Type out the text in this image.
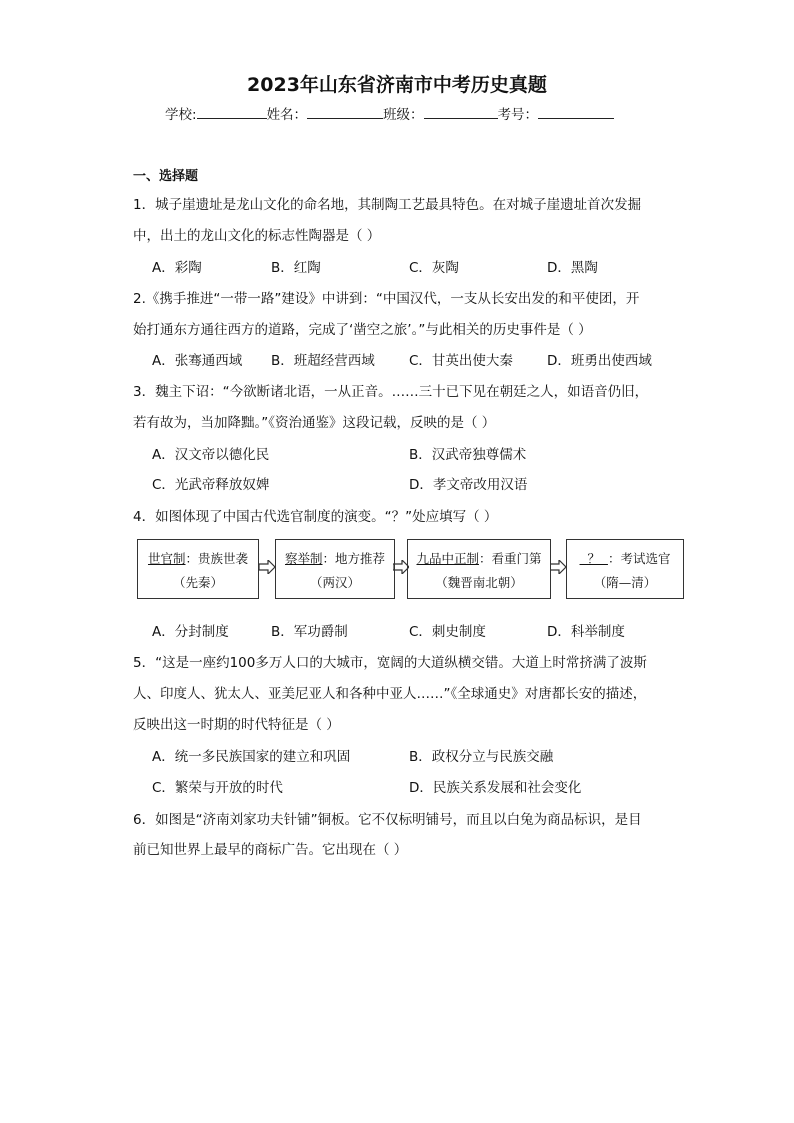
2023年山东省济南市中考历史真题
学校:	姓名：	班级：	考号：
一、选择题
1．城子崖遗址是龙山文化的命名地，其制陶工艺最具特色。在对城子崖遗址首次发掘
中，出土的龙山文化的标志性陶器是（ ）
A．彩陶	B．红陶	C．灰陶	D．黑陶
2.《携手推进“一带一路”建设》中讲到：“中国汉代，一支从长安出发的和平使团，开
始打通东方通往西方的道路，完成了‘凿空之旅’。”与此相关的历史事件是（ ）
A．张骞通西域 B．班超经营西域	C．甘英出使大秦	D．班勇出使西域
3．魏主下诏：“今欲断诸北语，一从正音。……三十已下见在朝廷之人，如语音仍旧，
若有故为，当加降黜。”《资治通鉴》这段记载，反映的是（ ）
A．汉文帝以德化民	B．汉武帝独尊儒术
C．光武帝释放奴婢	D．孝文帝改用汉语
4．如图体现了中国古代选官制度的演变。“？”处应填写（ ）
世官制：贵族世袭
（先秦）
察举制：地方推荐
（两汉）
九品中正制：看重门第
（魏晋南北朝）
？  ：考试选官
（隋—清）
A．分封制度	B．军功爵制	C．刺史制度	D．科举制度
5．“这是一座约100多万人口的大城市，宽阔的大道纵横交错。大道上时常挤满了波斯
人、印度人、犹太人、亚美尼亚人和各种中亚人……”《全球通史》对唐都长安的描述，
反映出这一时期的时代特征是（ ）
A．统一多民族国家的建立和巩固	B．政权分立与民族交融
C．繁荣与开放的时代	D．民族关系发展和社会变化
6．如图是“济南刘家功夫针铺”铜板。它不仅标明铺号，而且以白兔为商品标识，是目
前已知世界上最早的商标广告。它出现在（ ）
